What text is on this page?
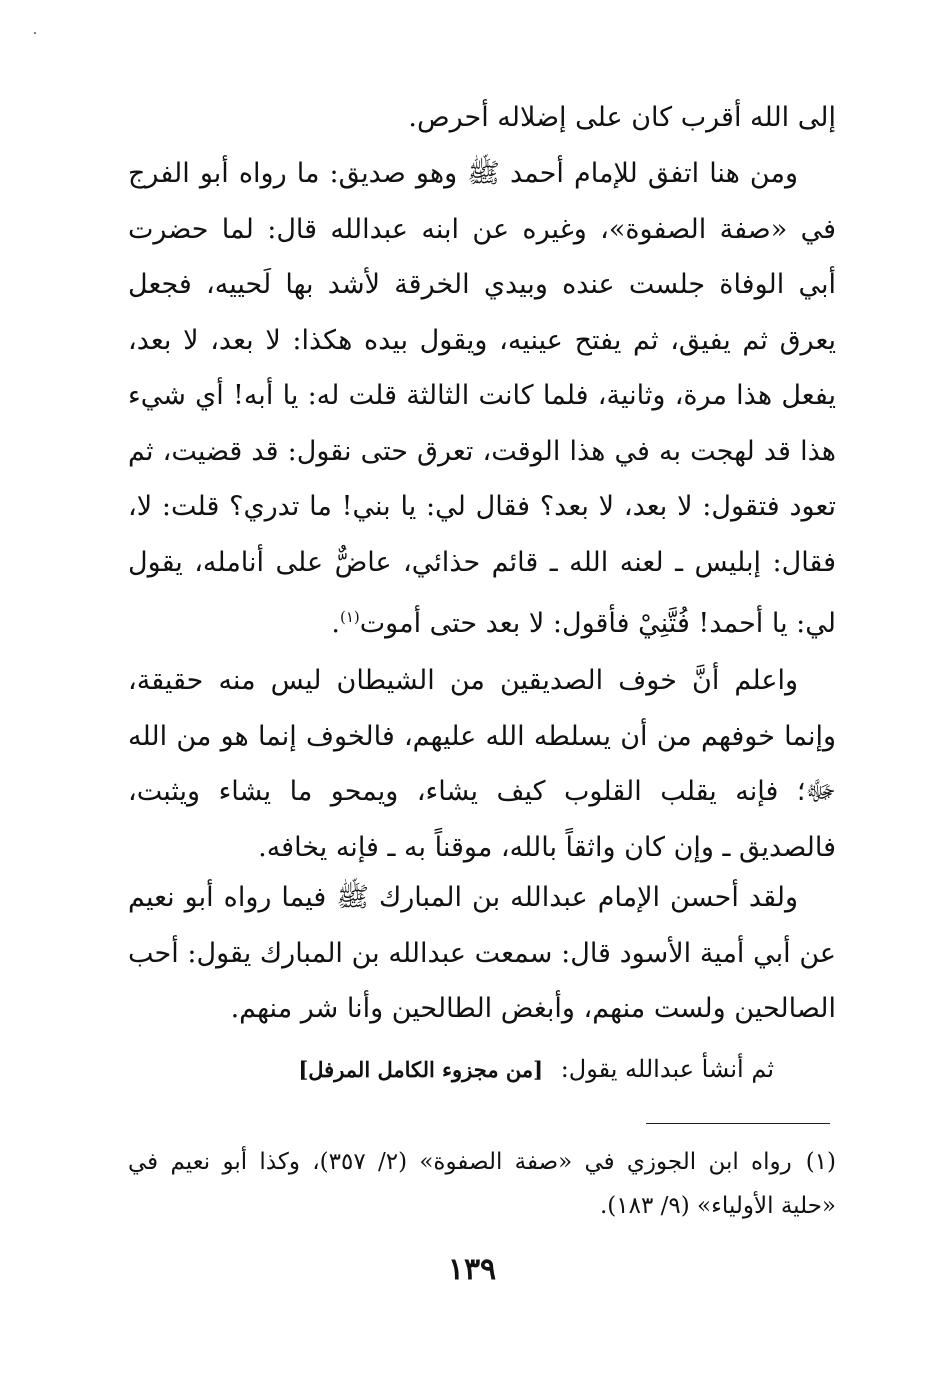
إلى الله أقرب كان على إضلاله أحرص.

ومن هنا اتفق للإمام أحمد ﷺ وهو صديق: ما رواه أبو الفرج في «صفة الصفوة»، وغيره عن ابنه عبدالله قال: لما حضرت أبي الوفاة جلست عنده وبيدي الخرقة لأشد بها لَحييه، فجعل يعرق ثم يفيق، ثم يفتح عينيه، ويقول بيده هكذا: لا بعد، لا بعد، يفعل هذا مرة، وثانية، فلما كانت الثالثة قلت له: يا أبه! أي شيء هذا قد لهجت به في هذا الوقت، تعرق حتى نقول: قد قضيت، ثم تعود فتقول: لا بعد، لا بعد؟ فقال لي: يا بني! ما تدري؟ قلت: لا، فقال: إبليس ـ لعنه الله ـ قائم حذائي، عاضٌّ على أنامله، يقول لي: يا أحمد! فُتَّنِيْ فأقول: لا بعد حتى أموت$^{(١)}$.

واعلم أنَّ خوف الصديقين من الشيطان ليس منه حقيقة، وإنما خوفهم من أن يسلطه الله عليهم، فالخوف إنما هو من الله ﷻ؛ فإنه يقلب القلوب كيف يشاء، ويمحو ما يشاء ويثبت، فالصديق ـ وإن كان واثقاً بالله، موقناً به ـ فإنه يخافه.

ولقد أحسن الإمام عبدالله بن المبارك ﷺ فيما رواه أبو نعيم عن أبي أمية الأسود قال: سمعت عبدالله بن المبارك يقول: أحب الصالحين ولست منهم، وأبغض الطالحين وأنا شر منهم.

ثم أنشأ عبدالله يقول: [من مجزوء الكامل المرفل]
(١)رواه ابن الجوزي في «صفة الصفوة» (٢/ ٣٥٧)، وكذا أبو نعيم في «حلية الأولياء» (٩/ ١٨٣).
١٣٩
